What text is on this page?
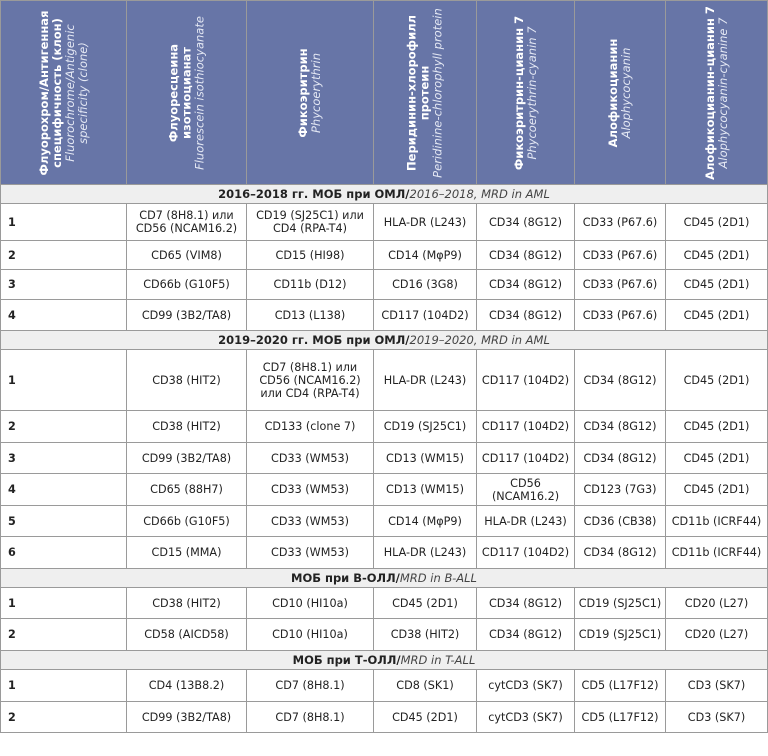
Флуорохром/Антигенная специфичность (клон) Fluorochrome/Antigenic specificity (clone)	Флуоресцеина изотиоцианат Fluorescein isothiocyanate	Фикоэритрин Phycoerythrin	Перидинин-хлорофилл протеин Peridinine-chlorophyll protein	Фикоэритрин-цианин 7 Phycoerythrin-cyanin 7	Алофикоцианин Alophycocyanin	Алофикоцианин-цианин 7 Alophycocyanin-cyanine 7

2016–2018 гг. МОБ при ОМЛ/2016–2018, MRD in AML						
1	CD7 (8H8.1) или CD56 (NCAM16.2)	CD19 (SJ25C1) или CD4 (RPA-T4)	HLA-DR (L243)	CD34 (8G12)	CD33 (P67.6)	CD45 (2D1)
2	CD65 (VIM8)	CD15 (HI98)	CD14 (MφP9)	CD34 (8G12)	CD33 (P67.6)	CD45 (2D1)
3	CD66b (G10F5)	CD11b (D12)	CD16 (3G8)	CD34 (8G12)	CD33 (P67.6)	CD45 (2D1)
4	CD99 (3B2/TA8)	CD13 (L138)	CD117 (104D2)	CD34 (8G12)	CD33 (P67.6)	CD45 (2D1)
2019–2020 гг. МОБ при ОМЛ/2019–2020, MRD in AML						
1	CD38 (HIT2)	CD7 (8H8.1) или CD56 (NCAM16.2) или CD4 (RPA-T4)	HLA-DR (L243)	CD117 (104D2)	CD34 (8G12)	CD45 (2D1)
2	CD38 (HIT2)	CD133 (clone 7)	CD19 (SJ25C1)	CD117 (104D2)	CD34 (8G12)	CD45 (2D1)
3	CD99 (3B2/TA8)	CD33 (WM53)	CD13 (WM15)	CD117 (104D2)	CD34 (8G12)	CD45 (2D1)
4	CD65 (88H7)	CD33 (WM53)	CD13 (WM15)	CD56 (NCAM16.2)	CD123 (7G3)	CD45 (2D1)
5	CD66b (G10F5)	CD33 (WM53)	CD14 (MφP9)	HLA-DR (L243)	CD36 (CB38)	CD11b (ICRF44)
6	CD15 (MMA)	CD33 (WM53)	HLA-DR (L243)	CD117 (104D2)	CD34 (8G12)	CD11b (ICRF44)
МОБ при В-ОЛЛ/MRD in B-ALL						
1	CD38 (HIT2)	CD10 (HI10a)	CD45 (2D1)	CD34 (8G12)	CD19 (SJ25C1)	CD20 (L27)
2	CD58 (AICD58)	CD10 (HI10a)	CD38 (HIT2)	CD34 (8G12)	CD19 (SJ25C1)	CD20 (L27)
МОБ при Т-ОЛЛ/MRD in T-ALL						
1	CD4 (13B8.2)	CD7 (8H8.1)	CD8 (SK1)	cytCD3 (SK7)	CD5 (L17F12)	CD3 (SK7)
2	CD99 (3B2/TA8)	CD7 (8H8.1)	CD45 (2D1)	cytCD3 (SK7)	CD5 (L17F12)	CD3 (SK7)
